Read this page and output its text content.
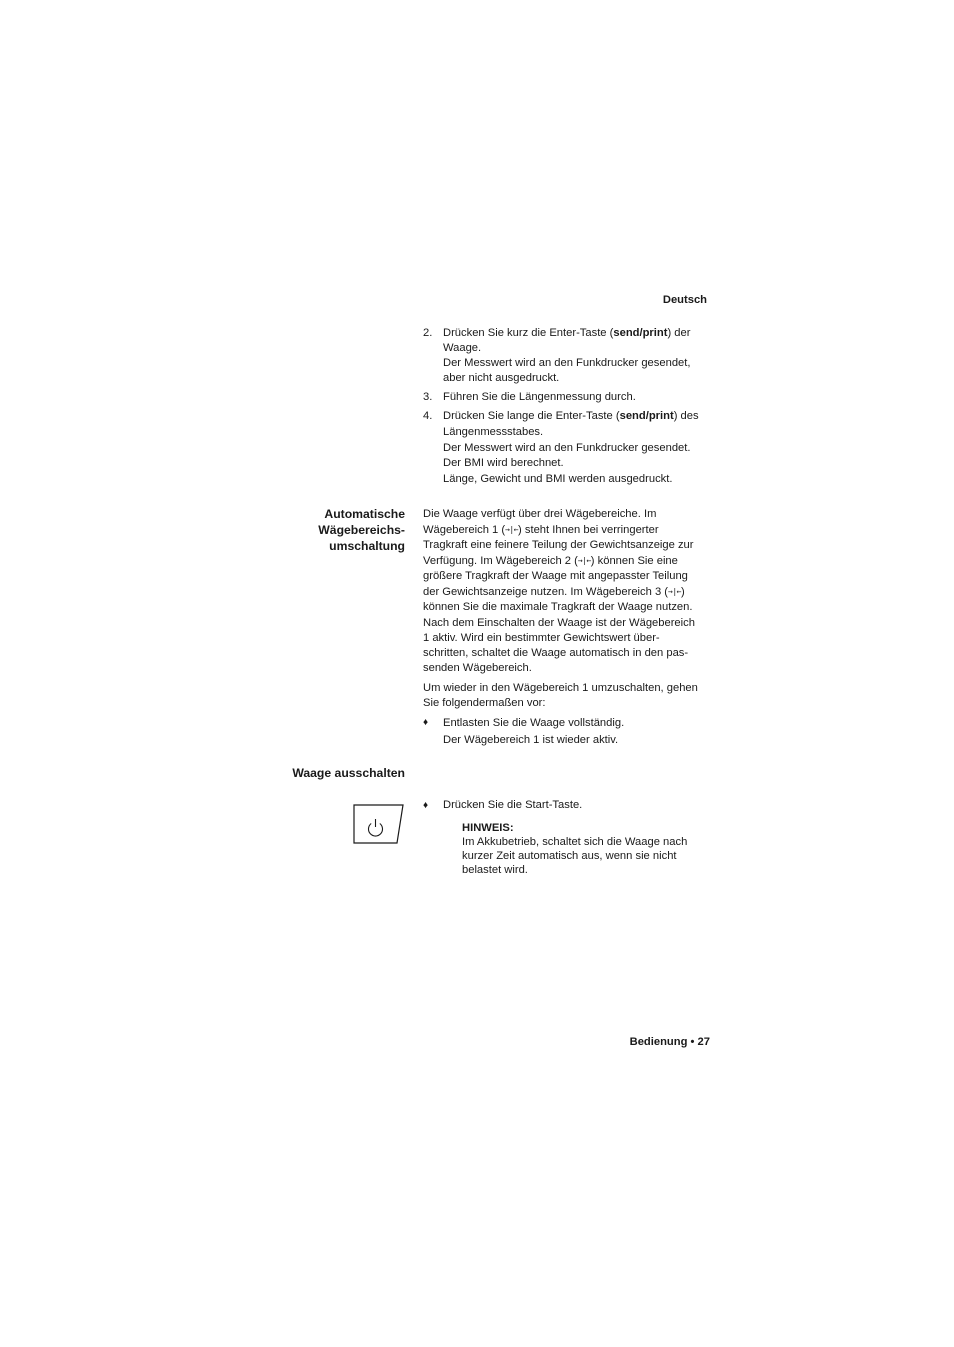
Deutsch
2. Drücken Sie kurz die Enter-Taste (send/print) der
Waage.
Der Messwert wird an den Funkdrucker gesendet,
aber nicht ausgedruckt.
3. Führen Sie die Längenmessung durch.
4. Drücken Sie lange die Enter-Taste (send/print) des
Längenmessstabes.
Der Messwert wird an den Funkdrucker gesendet.
Der BMI wird berechnet.
Länge, Gewicht und BMI werden ausgedruckt.
Automatische
Wägebereichs-
umschaltung
Die Waage verfügt über drei Wägebereiche. Im
Wägebereich 1 (→|←) steht Ihnen bei verringerter
Tragkraft eine feinere Teilung der Gewichtsanzeige zur
Verfügung. Im Wägebereich 2 (→|←) können Sie eine
größere Tragkraft der Waage mit angepasster Teilung
der Gewichtsanzeige nutzen. Im Wägebereich 3 (→|←)
können Sie die maximale Tragkraft der Waage nutzen.
Nach dem Einschalten der Waage ist der Wägebereich
1 aktiv. Wird ein bestimmter Gewichtswert über-
schritten, schaltet die Waage automatisch in den pas-
senden Wägebereich.
Um wieder in den Wägebereich 1 umzuschalten, gehen
Sie folgendermaßen vor:
♦ Entlasten Sie die Waage vollständig.
Der Wägebereich 1 ist wieder aktiv.
Waage ausschalten
♦ Drücken Sie die Start-Taste.
HINWEIS:
Im Akkubetrieb, schaltet sich die Waage nach
kurzer Zeit automatisch aus, wenn sie nicht
belastet wird.
Bedienung • 27
